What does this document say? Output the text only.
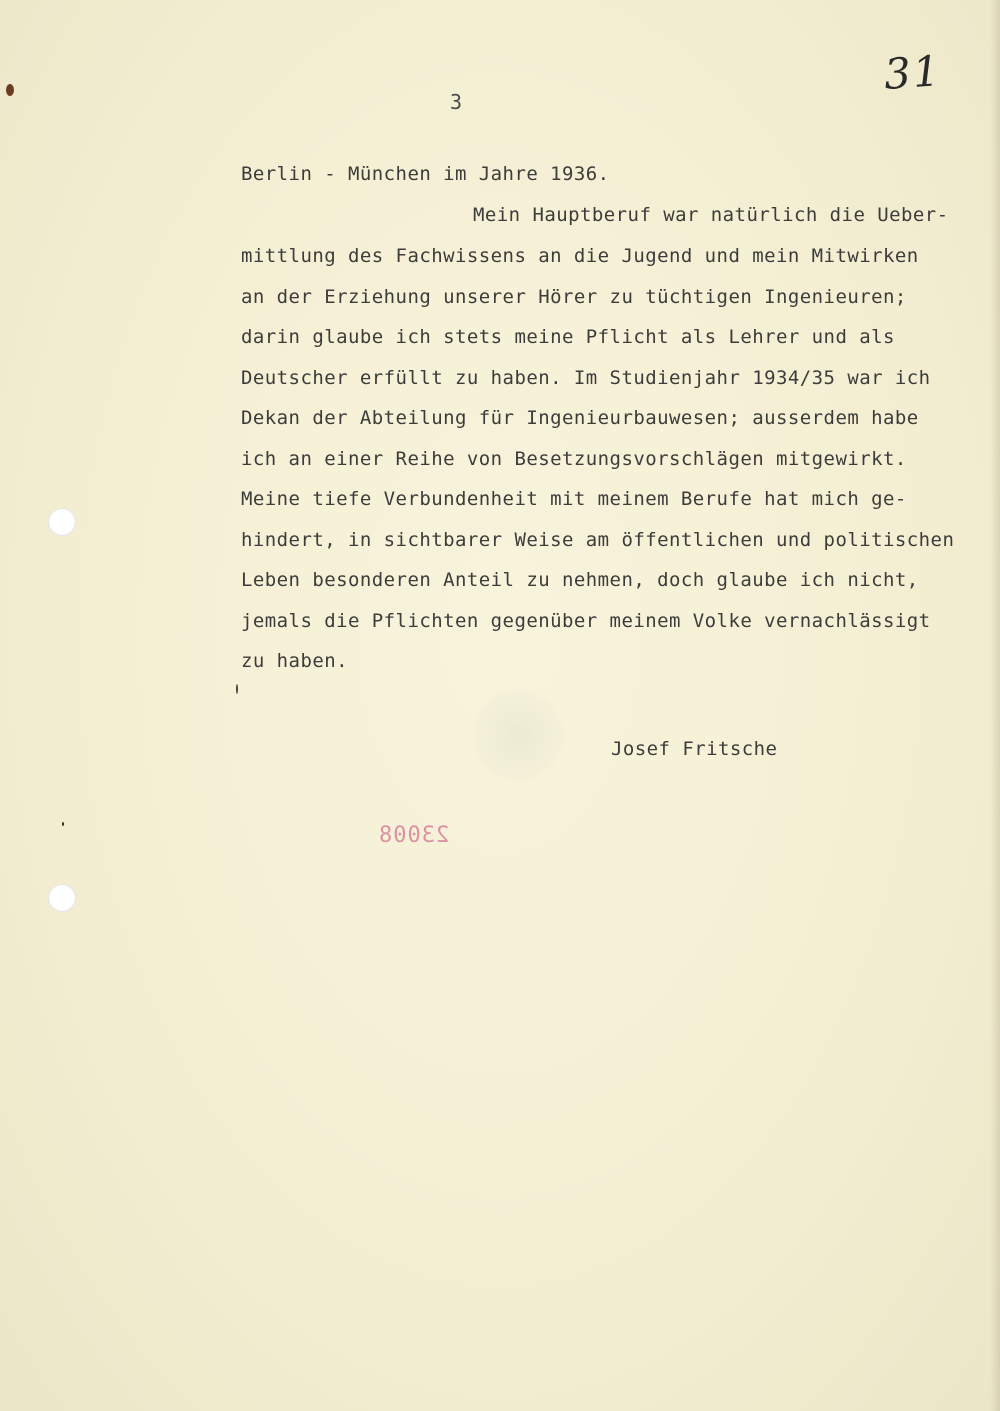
31
3
Berlin - München im Jahre 1936.
Mein Hauptberuf war natürlich die Ueber-
mittlung des Fachwissens an die Jugend und mein Mitwirken
an der Erziehung unserer Hörer zu tüchtigen Ingenieuren;
darin glaube ich stets meine Pflicht als Lehrer und als
Deutscher erfüllt zu haben. Im Studienjahr 1934/35 war ich
Dekan der Abteilung für Ingenieurbauwesen; ausserdem habe
ich an einer Reihe von Besetzungsvorschlägen mitgewirkt.
Meine tiefe Verbundenheit mit meinem Berufe hat mich ge-
hindert, in sichtbarer Weise am öffentlichen und politischen
Leben besonderen Anteil zu nehmen, doch glaube ich nicht,
jemals die Pflichten gegenüber meinem Volke vernachlässigt
zu haben.
Josef Fritsche
23008
